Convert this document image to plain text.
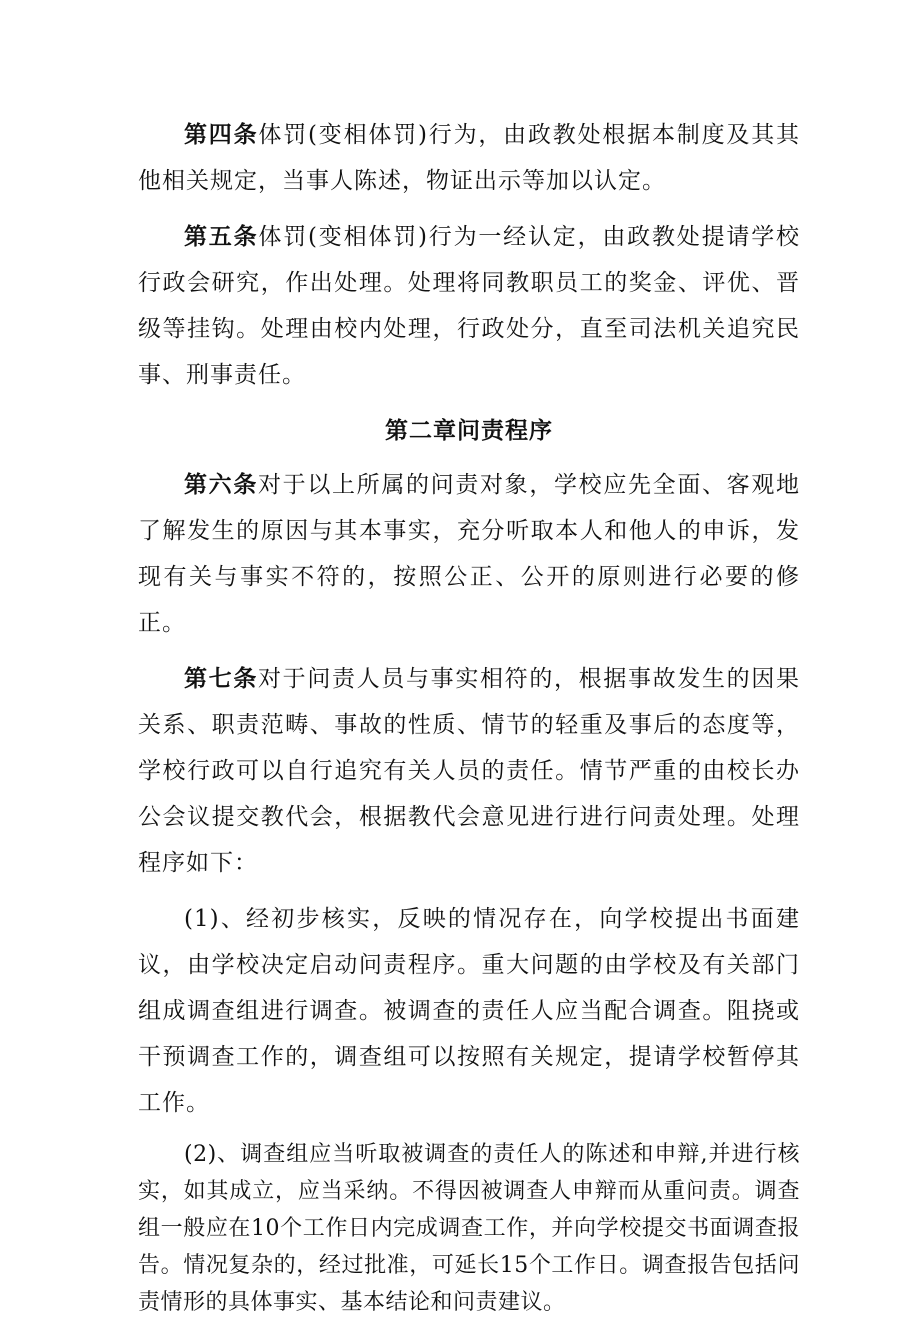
第四条体罚(变相体罚)行为，由政教处根据本制度及其其他相关规定，当事人陈述，物证出示等加以认定。

第五条体罚(变相体罚)行为一经认定，由政教处提请学校行政会研究，作出处理。处理将同教职员工的奖金、评优、晋级等挂钩。处理由校内处理，行政处分，直至司法机关追究民事、刑事责任。

第二章问责程序

第六条对于以上所属的问责对象，学校应先全面、客观地了解发生的原因与其本事实，充分听取本人和他人的申诉，发现有关与事实不符的，按照公正、公开的原则进行必要的修正。

第七条对于问责人员与事实相符的，根据事故发生的因果关系、职责范畴、事故的性质、情节的轻重及事后的态度等，学校行政可以自行追究有关人员的责任。情节严重的由校长办公会议提交教代会，根据教代会意见进行进行问责处理。处理程序如下：

(1)、经初步核实，反映的情况存在，向学校提出书面建议，由学校决定启动问责程序。重大问题的由学校及有关部门组成调查组进行调查。被调查的责任人应当配合调查。阻挠或干预调查工作的，调查组可以按照有关规定，提请学校暂停其工作。

(2)、调查组应当听取被调查的责任人的陈述和申辩,并进行核实，如其成立，应当采纳。不得因被调查人申辩而从重问责。调查组一般应在10个工作日内完成调查工作，并向学校提交书面调查报告。情况复杂的，经过批准，可延长15个工作日。调查报告包括问责情形的具体事实、基本结论和问责建议。
